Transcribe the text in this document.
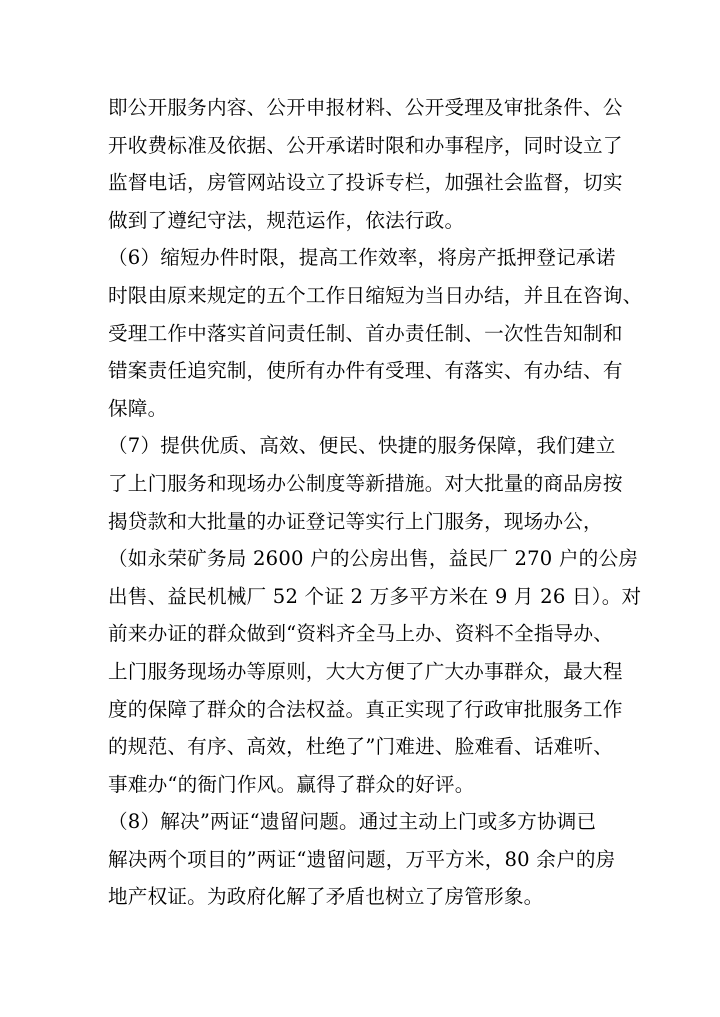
即公开服务内容、公开申报材料、公开受理及审批条件、公
开收费标准及依据、公开承诺时限和办事程序，同时设立了
监督电话，房管网站设立了投诉专栏，加强社会监督，切实
做到了遵纪守法，规范运作，依法行政。
（6）缩短办件时限，提高工作效率，将房产抵押登记承诺
时限由原来规定的五个工作日缩短为当日办结，并且在咨询、
受理工作中落实首问责任制、首办责任制、一次性告知制和
错案责任追究制，使所有办件有受理、有落实、有办结、有
保障。
（7）提供优质、高效、便民、快捷的服务保障，我们建立
了上门服务和现场办公制度等新措施。对大批量的商品房按
揭贷款和大批量的办证登记等实行上门服务，现场办公，
（如永荣矿务局 2600 户的公房出售，益民厂 270 户的公房
出售、益民机械厂 52 个证 2 万多平方米在 9 月 26 日）。对
前来办证的群众做到“资料齐全马上办、资料不全指导办、
上门服务现场办等原则，大大方便了广大办事群众，最大程
度的保障了群众的合法权益。真正实现了行政审批服务工作
的规范、有序、高效，杜绝了”门难进、脸难看、话难听、
事难办“的衙门作风。赢得了群众的好评。
（8）解决”两证“遗留问题。通过主动上门或多方协调已
解决两个项目的”两证“遗留问题，万平方米，80 余户的房
地产权证。为政府化解了矛盾也树立了房管形象。
